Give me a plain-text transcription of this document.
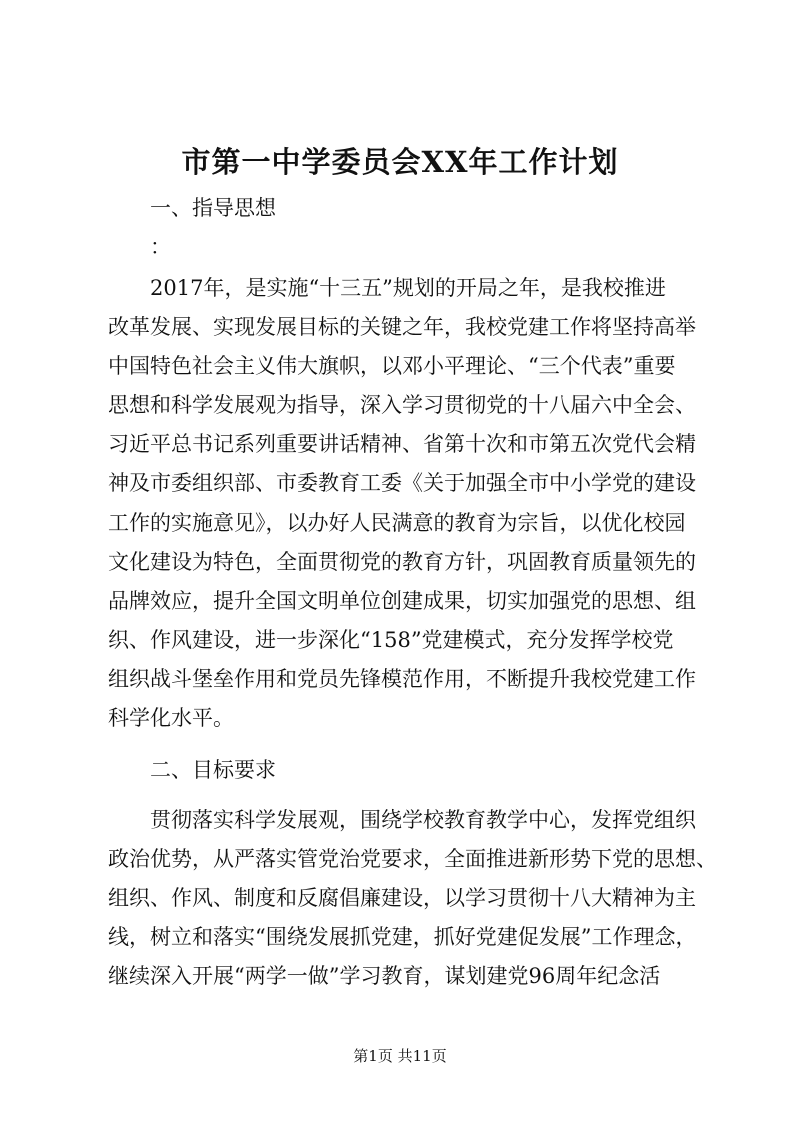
市第一中学委员会XX年工作计划
一、指导思想
：
2017年，是实施“十三五”规划的开局之年，是我校推进
改革发展、实现发展目标的关键之年，我校党建工作将坚持高举
中国特色社会主义伟大旗帜，以邓小平理论、“三个代表”重要
思想和科学发展观为指导，深入学习贯彻党的十八届六中全会、
习近平总书记系列重要讲话精神、省第十次和市第五次党代会精
神及市委组织部、市委教育工委《关于加强全市中小学党的建设
工作的实施意见》，以办好人民满意的教育为宗旨，以优化校园
文化建设为特色，全面贯彻党的教育方针，巩固教育质量领先的
品牌效应，提升全国文明单位创建成果，切实加强党的思想、组
织、作风建设，进一步深化“158”党建模式，充分发挥学校党
组织战斗堡垒作用和党员先锋模范作用，不断提升我校党建工作
科学化水平。
二、目标要求
贯彻落实科学发展观，围绕学校教育教学中心，发挥党组织
政治优势，从严落实管党治党要求，全面推进新形势下党的思想、
组织、作风、制度和反腐倡廉建设，以学习贯彻十八大精神为主
线，树立和落实“围绕发展抓党建，抓好党建促发展”工作理念，
继续深入开展“两学一做”学习教育，谋划建党96周年纪念活
第1页 共11页
